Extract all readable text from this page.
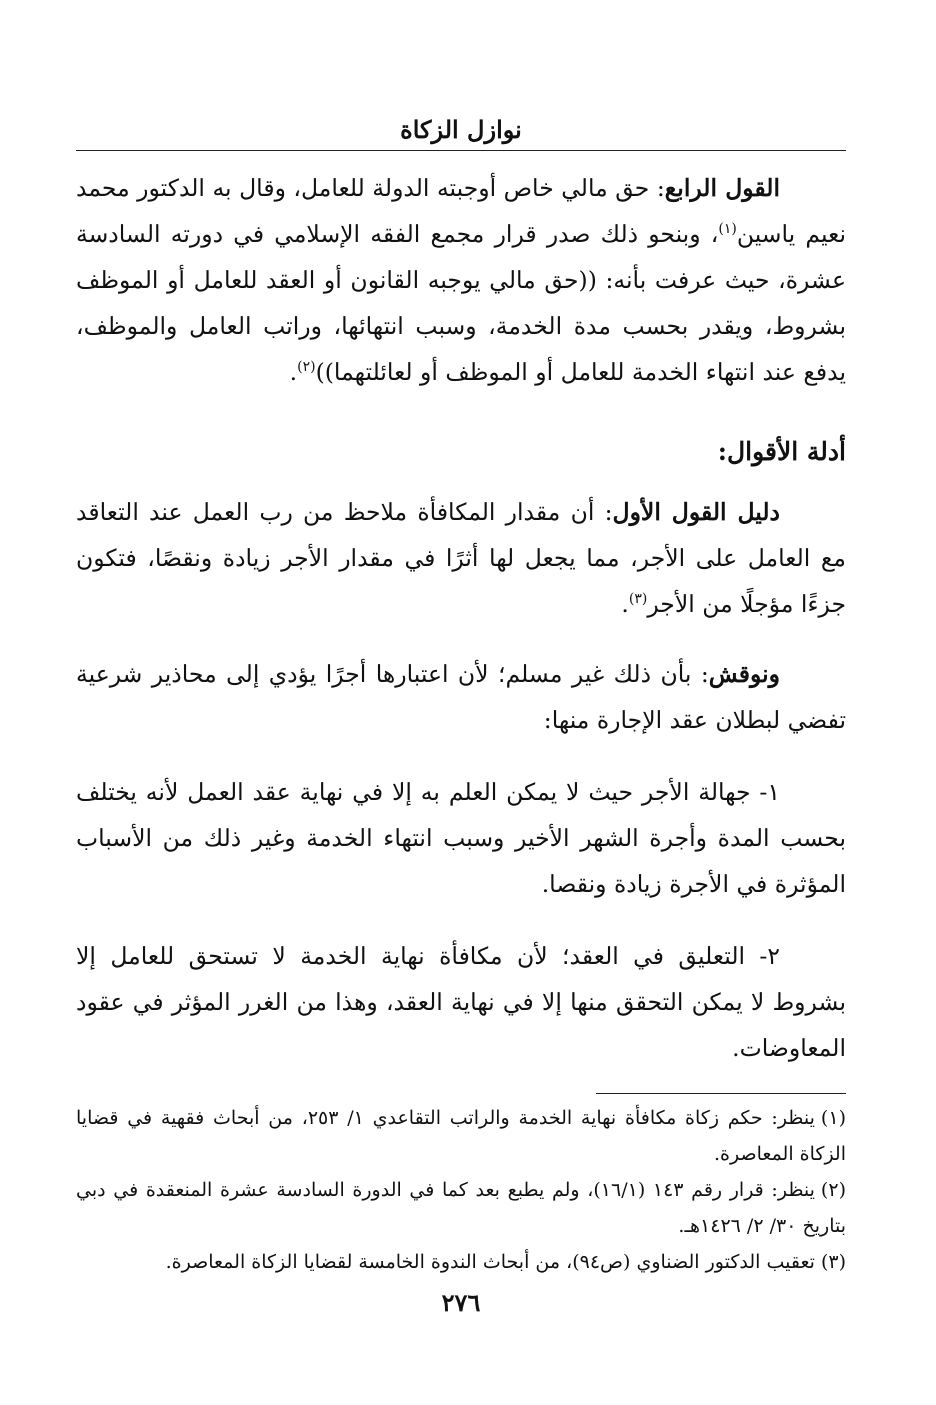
نوازل الزكاة

القول الرابع: حق مالي خاص أوجبته الدولة للعامل، وقال به الدكتور محمد نعيم ياسين$^{(١)}$، وبنحو ذلك صدر قرار مجمع الفقه الإسلامي في دورته السادسة عشرة، حيث عرفت بأنه: ((حق مالي يوجبه القانون أو العقد للعامل أو الموظف بشروط، ويقدر بحسب مدة الخدمة، وسبب انتهائها، وراتب العامل والموظف، يدفع عند انتهاء الخدمة للعامل أو الموظف أو لعائلتهما))$^{(٢)}$.

أدلة الأقوال:

دليل القول الأول: أن مقدار المكافأة ملاحظ من رب العمل عند التعاقد مع العامل على الأجر، مما يجعل لها أثرًا في مقدار الأجر زيادة ونقصًا، فتكون جزءًا مؤجلًا من الأجر$^{(٣)}$.

ونوقش: بأن ذلك غير مسلم؛ لأن اعتبارها أجرًا يؤدي إلى محاذير شرعية تفضي لبطلان عقد الإجارة منها:

١- جهالة الأجر حيث لا يمكن العلم به إلا في نهاية عقد العمل لأنه يختلف بحسب المدة وأجرة الشهر الأخير وسبب انتهاء الخدمة وغير ذلك من الأسباب المؤثرة في الأجرة زيادة ونقصا.

٢- التعليق في العقد؛ لأن مكافأة نهاية الخدمة لا تستحق للعامل إلا بشروط لا يمكن التحقق منها إلا في نهاية العقد، وهذا من الغرر المؤثر في عقود المعاوضات.

(١)ينظر: حكم زكاة مكافأة نهاية الخدمة والراتب التقاعدي ١/ ٢٥٣، من أبحاث فقهية في قضايا الزكاة المعاصرة.

(٢)ينظر: قرار رقم ١٤٣ (١٦/١)، ولم يطبع بعد كما في الدورة السادسة عشرة المنعقدة في دبي بتاريخ ٣٠/ ٢/ ١٤٢٦هـ.

(٣)تعقيب الدكتور الضناوي (ص٩٤)، من أبحاث الندوة الخامسة لقضايا الزكاة المعاصرة.

٢٧٦
